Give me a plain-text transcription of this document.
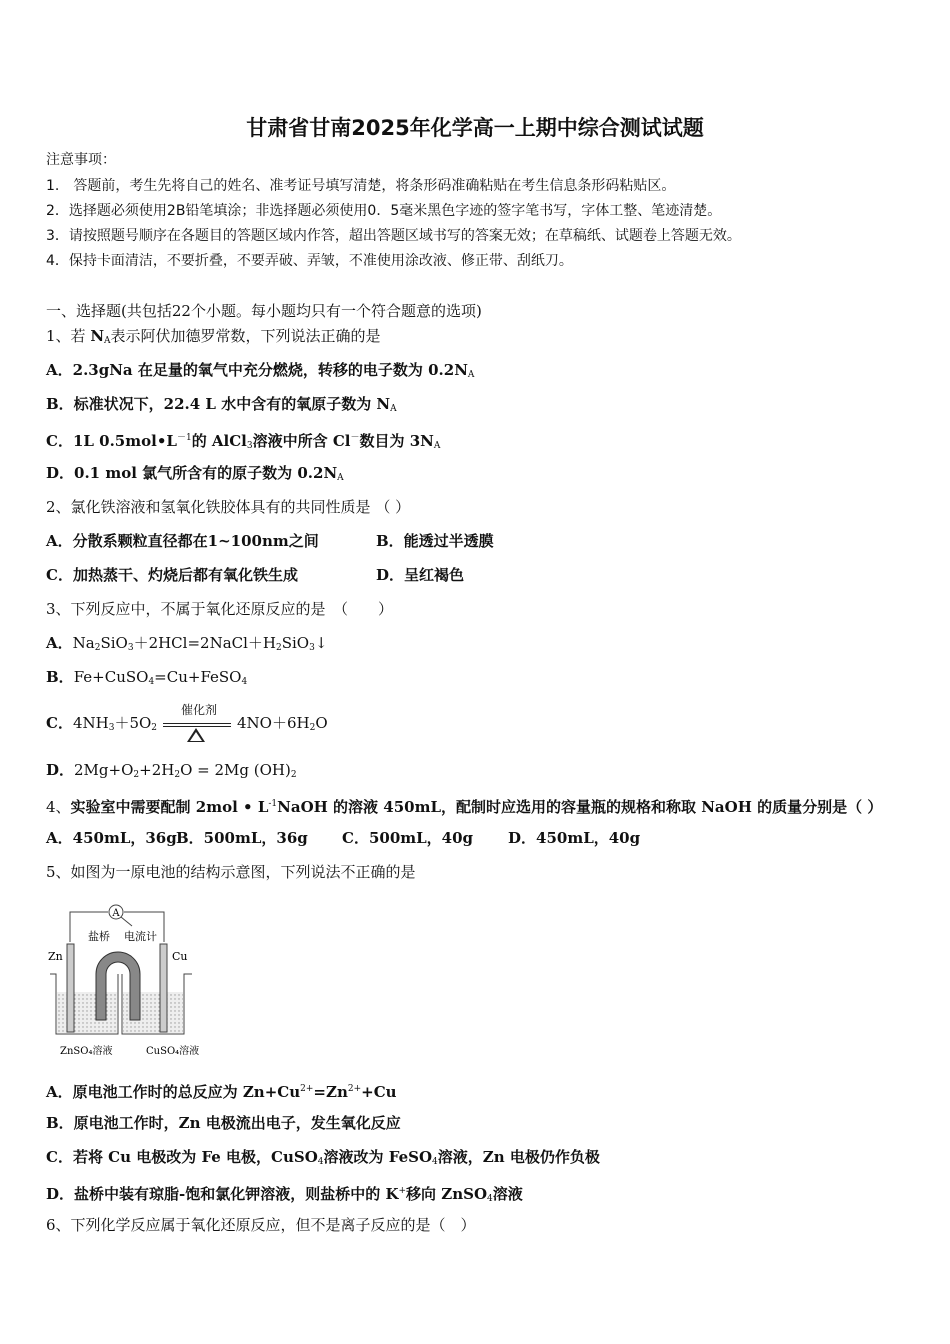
甘肃省甘南2025年化学高一上期中综合测试试题
注意事项：
1.　答题前，考生先将自己的姓名、准考证号填写清楚，将条形码准确粘贴在考生信息条形码粘贴区。
2．选择题必须使用2B铅笔填涂；非选择题必须使用0．5毫米黑色字迹的签字笔书写，字体工整、笔迹清楚。
3．请按照题号顺序在各题目的答题区域内作答，超出答题区域书写的答案无效；在草稿纸、试题卷上答题无效。
4．保持卡面清洁，不要折叠，不要弄破、弄皱，不准使用涂改液、修正带、刮纸刀。
一、选择题(共包括22个小题。每小题均只有一个符合题意的选项)
1、若 $N_A$表示阿伏加德罗常数，下列说法正确的是
A．2.3gNa 在足量的氧气中充分燃烧，转移的电子数为 $0.2N_A$
B．标准状况下，22.4 L 水中含有的氧原子数为 $N_A$
C．1L $0.5mol•L^{-1}$的 AlCl$_3$溶液中所含 Cl－数目为 $3N_A$
D．0.1 mol 氯气所含有的原子数为 $0.2N_A$
2、氯化铁溶液和氢氧化铁胶体具有的共同性质是 （ ）
A．分散系颗粒直径都在1~100nm之间	B．能透过半透膜
C．加热蒸干、灼烧后都有氧化铁生成	D．呈红褐色
3、下列反应中，不属于氧化还原反应的是　（　　）
A．$Na_2SiO_3+2HCl=2NaCl+H_2SiO_3↓$
B．Fe+CuSO$_4$=Cu+FeSO$_4$
C．$4NH_3+5O_2$
催化剂
$4NO+6H_2O$
D．$2Mg+O_2+2H_2O = 2Mg$ $(OH)_2$
4、实验室中需要配制 2mol • $L^{-1}NaOH$ 的溶液 450mL，配制时应选用的容量瓶的规格和称取 NaOH 的质量分别是（ ）
A．450mL，36gB．500mL，36g C．500mL，40g D．450mL，40g
5、如图为一原电池的结构示意图，下列说法不正确的是
A．原电池工作时的总反应为 $Zn+Cu^{2+}=Zn^{2+}+Cu$
B．原电池工作时，Zn 电极流出电子，发生氧化反应
C．若将 Cu 电极改为 Fe 电极，CuSO$_4$溶液改为 FeSO$_4$溶液，Zn 电极仍作负极
D．盐桥中装有琼脂-饱和氯化钾溶液，则盐桥中的 K+移向 ZnSO$_4$溶液
6、下列化学反应属于氧化还原反应，但不是离子反应的是（　）
A
盐桥 电流计
Zn	Cu
ZnSO₄溶液	CuSO₄溶液
